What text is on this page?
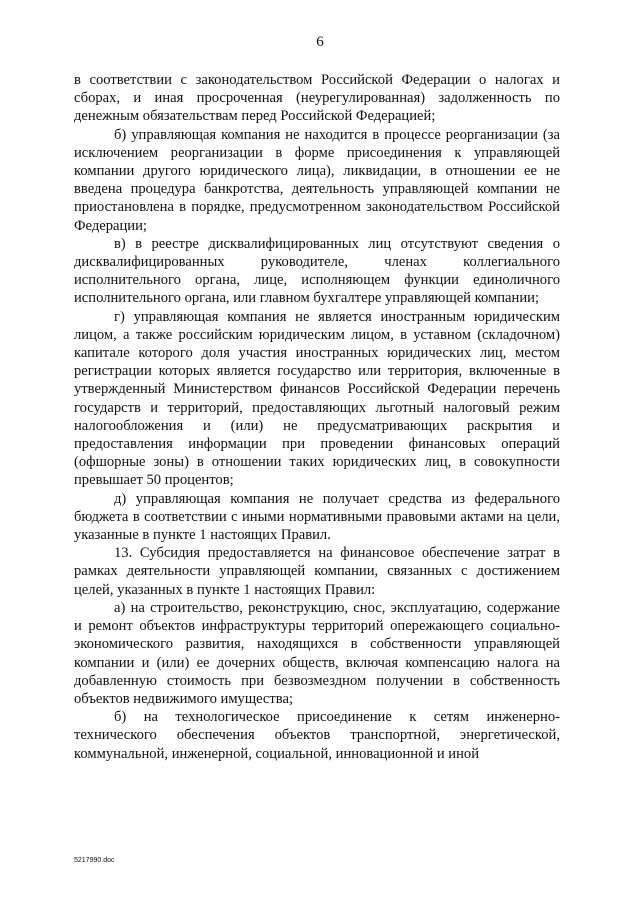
6

в соответствии с законодательством Российской Федерации о налогах и сборах, и иная просроченная (неурегулированная) задолженность по денежным обязательствам перед Российской Федерацией;

б) управляющая компания не находится в процессе реорганизации (за исключением реорганизации в форме присоединения к управляющей компании другого юридического лица), ликвидации, в отношении ее не введена процедура банкротства, деятельность управляющей компании не приостановлена в порядке, предусмотренном законодательством Российской Федерации;

в) в реестре дисквалифицированных лиц отсутствуют сведения о дисквалифицированных руководителе, членах коллегиального исполнительного органа, лице, исполняющем функции единоличного исполнительного органа, или главном бухгалтере управляющей компании;

г) управляющая компания не является иностранным юридическим лицом, а также российским юридическим лицом, в уставном (складочном) капитале которого доля участия иностранных юридических лиц, местом регистрации которых является государство или территория, включенные в утвержденный Министерством финансов Российской Федерации перечень государств и территорий, предоставляющих льготный налоговый режим налогообложения и (или) не предусматривающих раскрытия и предоставления информации при проведении финансовых операций (офшорные зоны) в отношении таких юридических лиц, в совокупности превышает 50 процентов;

д) управляющая компания не получает средства из федерального бюджета в соответствии с иными нормативными правовыми актами на цели, указанные в пункте 1 настоящих Правил.

13. Субсидия предоставляется на финансовое обеспечение затрат в рамках деятельности управляющей компании, связанных с достижением целей, указанных в пункте 1 настоящих Правил:

а) на строительство, реконструкцию, снос, эксплуатацию, содержание и ремонт объектов инфраструктуры территорий опережающего социально-экономического развития, находящихся в собственности управляющей компании и (или) ее дочерних обществ, включая компенсацию налога на добавленную стоимость при безвозмездном получении в собственность объектов недвижимого имущества;

б) на технологическое присоединение к сетям инженерно-технического обеспечения объектов транспортной, энергетической, коммунальной, инженерной, социальной, инновационной и иной

5217990.doc
